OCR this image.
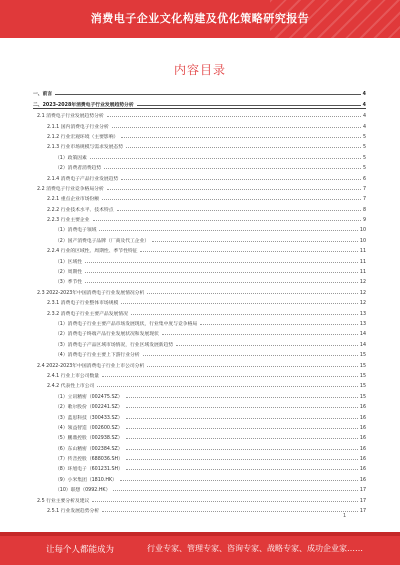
消费电子企业文化构建及优化策略研究报告
内容目录
一、前言	4
二、2023-2028年消费电子行业发展趋势分析	4
2.1 消费电子行业发展趋势分析	4
2.1.1 国内消费电子行业分析	4
2.1.2 行业宏观环境（主要影响）	5
2.1.3 行业市场规模与需求发展态势	5
（1）政策因素	5
（2）消费者消费趋势	5
2.1.4 消费电子产品行业发展趋势	6
2.2 消费电子行业竞争格局分析	7
2.2.1 重点企业市场份额	7
2.2.2 行业技术水平、技术特点	8
2.2.3 行业主要企业	9
（1）消费电子领域	10
（2）国产消费电子品牌（厂商及代工企业）	10
2.2.4 行业的区域性、周期性、季节性特征	11
（1）区域性	11
（2）周期性	11
（3）季节性	12
2.3 2022-2023年中国消费电子行业发展情况分析	12
2.3.1 消费电子行业整体市场规模	12
2.3.2 消费电子行业主要产品发展情况	13
（1）消费电子行业主要产品市场发展现状，行业集中度与竞争格局	13
（2）消费电子终端产品行业发展状况和发展现状	14
（3）消费电子产品区域市场情况，行业区域发展新趋势	14
（4）消费电子行业主要上下游行业分析	15
2.4 2022-2023年中国消费电子行业上市公司分析	15
2.4.1 行业上市公司数量	15
2.4.2 代表性上市公司	15
（1）立讯精密（002475.SZ）	15
（2）歌尔股份（002241.SZ）	16
（3）蓝思科技（300433.SZ）	16
（4）领益智造（002600.SZ）	16
（5）鹏鼎控股（002938.SZ）	16
（6）东山精密（002384.SZ）	16
（7）传音控股（688036.SH）	16
（8）环旭电子（601231.SH）	16
（9）小米集团（1810.HK）	16
（10）联想（0992.HK）	17
2.5 行业主要分析及建议	17
2.5.1 行业发展趋势分析	17
1
让每个人都能成为	行业专家、管理专家、咨询专家、战略专家、成功企业家……
